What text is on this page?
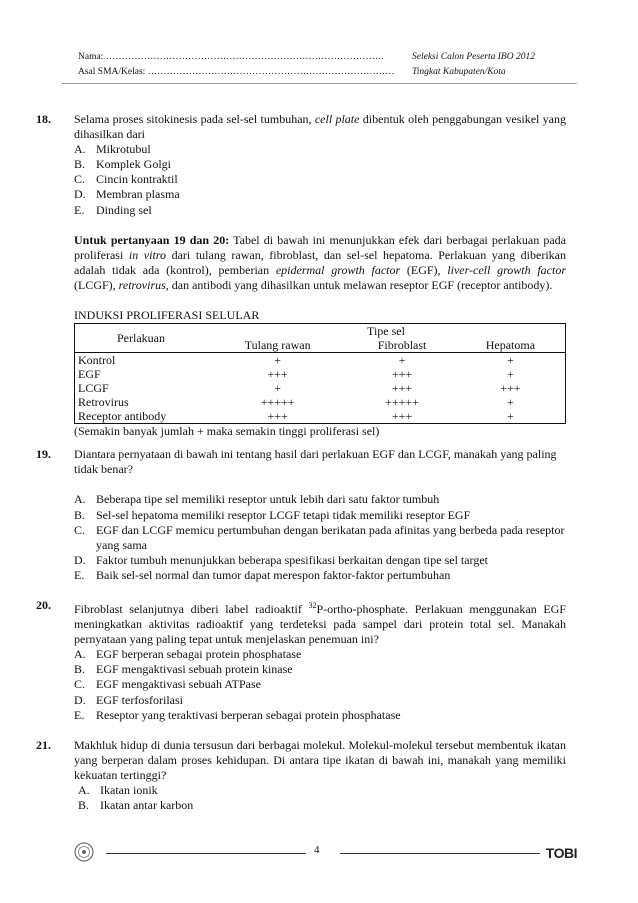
Nama: …………………………………………………………………………….	Seleksi Calon Peserta IBO 2012
Asal SMA/Kelas: …………………………………………………………………… Tingkat Kabupaten/Kota
18.	Selama proses sitokinesis pada sel-sel tumbuhan, cell plate dibentuk oleh penggabungan vesikel yang dihasilkan dari
A. Mikrotubul
B. Komplek Golgi
C. Cincin kontraktil
D. Membran plasma
E. Dinding sel
Untuk pertanyaan 19 dan 20: Tabel di bawah ini menunjukkan efek dari berbagai perlakuan pada proliferasi in vitro dari tulang rawan, fibroblast, dan sel-sel hepatoma. Perlakuan yang diberikan adalah tidak ada (kontrol), pemberian epidermal growth factor (EGF), liver-cell growth factor (LCGF), retrovirus, dan antibodi yang dihasilkan untuk melawan reseptor EGF (receptor antibody).
INDUKSI PROLIFERASI SELULAR
Perlakuan	Tipe sel		
	Tulang rawan	Fibroblast	Hepatoma
Kontrol	+	+	+
EGF	+++	+++	+
LCGF	+	+++	+++
Retrovirus	+++++	+++++	+
Receptor antibody	+++	+++	+
(Semakin banyak jumlah + maka semakin tinggi proliferasi sel)
19.	Diantara pernyataan di bawah ini tentang hasil dari perlakuan EGF dan LCGF, manakah yang paling tidak benar?
A. Beberapa tipe sel memiliki reseptor untuk lebih dari satu faktor tumbuh
B. Sel-sel hepatoma memiliki reseptor LCGF tetapi tidak memiliki reseptor EGF
C. EGF dan LCGF memicu pertumbuhan dengan berikatan pada afinitas yang berbeda pada reseptor yang sama
D. Faktor tumbuh menunjukkan beberapa spesifikasi berkaitan dengan tipe sel target
E. Baik sel-sel normal dan tumor dapat merespon faktor-faktor pertumbuhan
20.	Fibroblast selanjutnya diberi label radioaktif $^{32}$P-ortho-phosphate. Perlakuan menggunakan EGF meningkatkan aktivitas radioaktif yang terdeteksi pada sampel dari protein total sel. Manakah pernyataan yang paling tepat untuk menjelaskan penemuan ini?
A. EGF berperan sebagai protein phosphatase
B. EGF mengaktivasi sebuah protein kinase
C. EGF mengaktivasi sebuah ATPase
D. EGF terfosforilasi
E. Reseptor yang teraktivasi berperan sebagai protein phosphatase
21.	Makhluk hidup di dunia tersusun dari berbagai molekul. Molekul-molekul tersebut membentuk ikatan yang berperan dalam proses kehidupan. Di antara tipe ikatan di bawah ini, manakah yang memiliki kekuatan tertinggi?
A. Ikatan ionik
B. Ikatan antar karbon
4	TOBI
